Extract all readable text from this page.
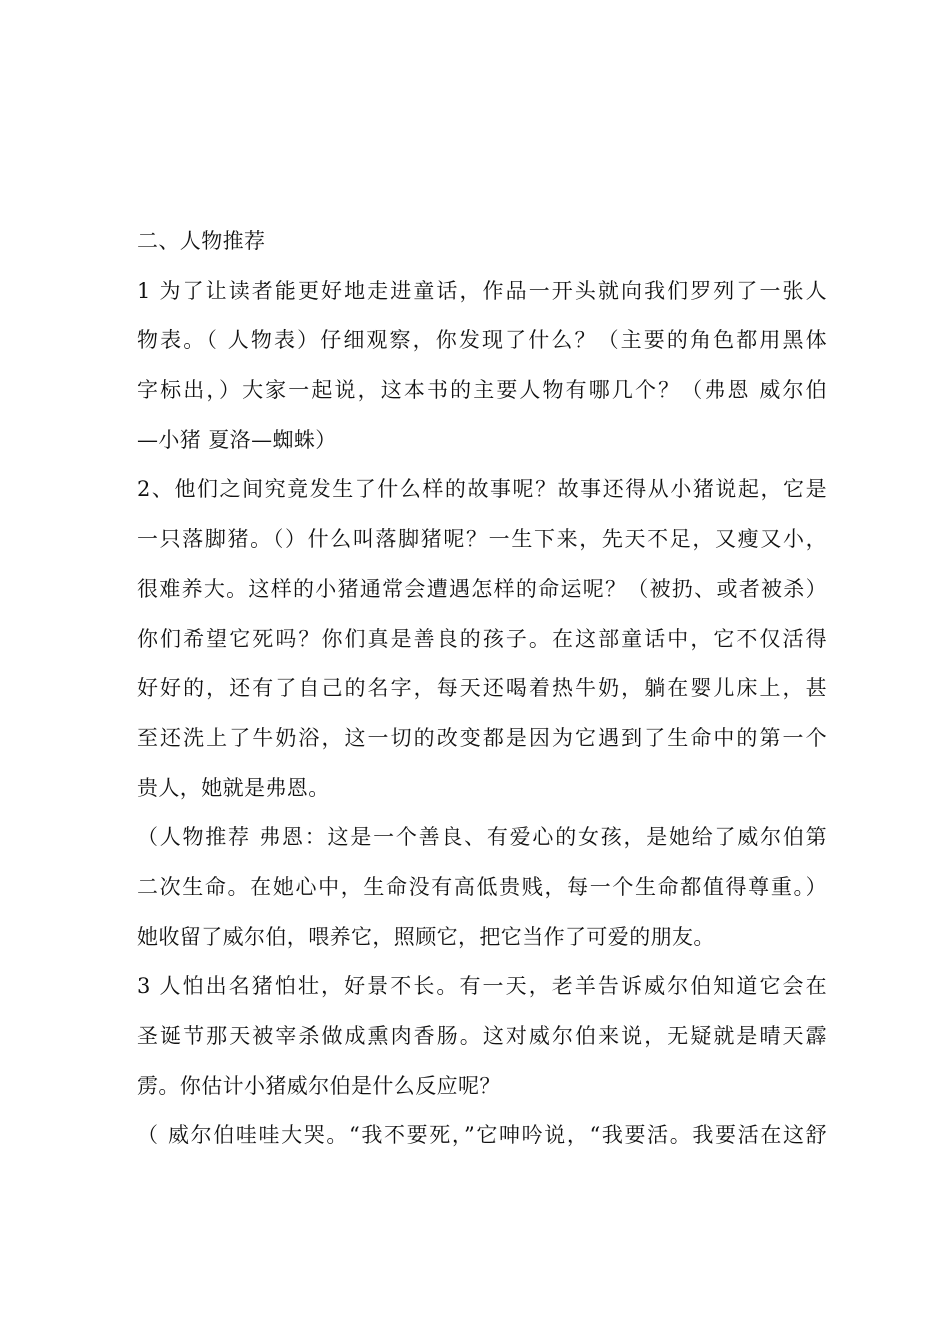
二、人物推荐
1 为了让读者能更好地走进童话，作品一开头就向我们罗列了一张人
物表。（ 人物表）仔细观察，你发现了什么？（主要的角色都用黑体
字标出，）大家一起说，这本书的主要人物有哪几个？（弗恩 威尔伯
—小猪 夏洛—蜘蛛）
2、他们之间究竟发生了什么样的故事呢？故事还得从小猪说起，它是
一只落脚猪。（）什么叫落脚猪呢？一生下来，先天不足，又瘦又小，
很难养大。这样的小猪通常会遭遇怎样的命运呢？（被扔、或者被杀）
你们希望它死吗？你们真是善良的孩子。在这部童话中，它不仅活得
好好的，还有了自己的名字，每天还喝着热牛奶，躺在婴儿床上，甚
至还洗上了牛奶浴，这一切的改变都是因为它遇到了生命中的第一个
贵人，她就是弗恩。
（人物推荐 弗恩：这是一个善良、有爱心的女孩，是她给了威尔伯第
二次生命。在她心中，生命没有高低贵贱，每一个生命都值得尊重。）
她收留了威尔伯，喂养它，照顾它，把它当作了可爱的朋友。
3 人怕出名猪怕壮，好景不长。有一天，老羊告诉威尔伯知道它会在
圣诞节那天被宰杀做成熏肉香肠。这对威尔伯来说，无疑就是晴天霹
雳。你估计小猪威尔伯是什么反应呢？
（ 威尔伯哇哇大哭。“我不要死，”它呻吟说，“我要活。我要活在这舒
